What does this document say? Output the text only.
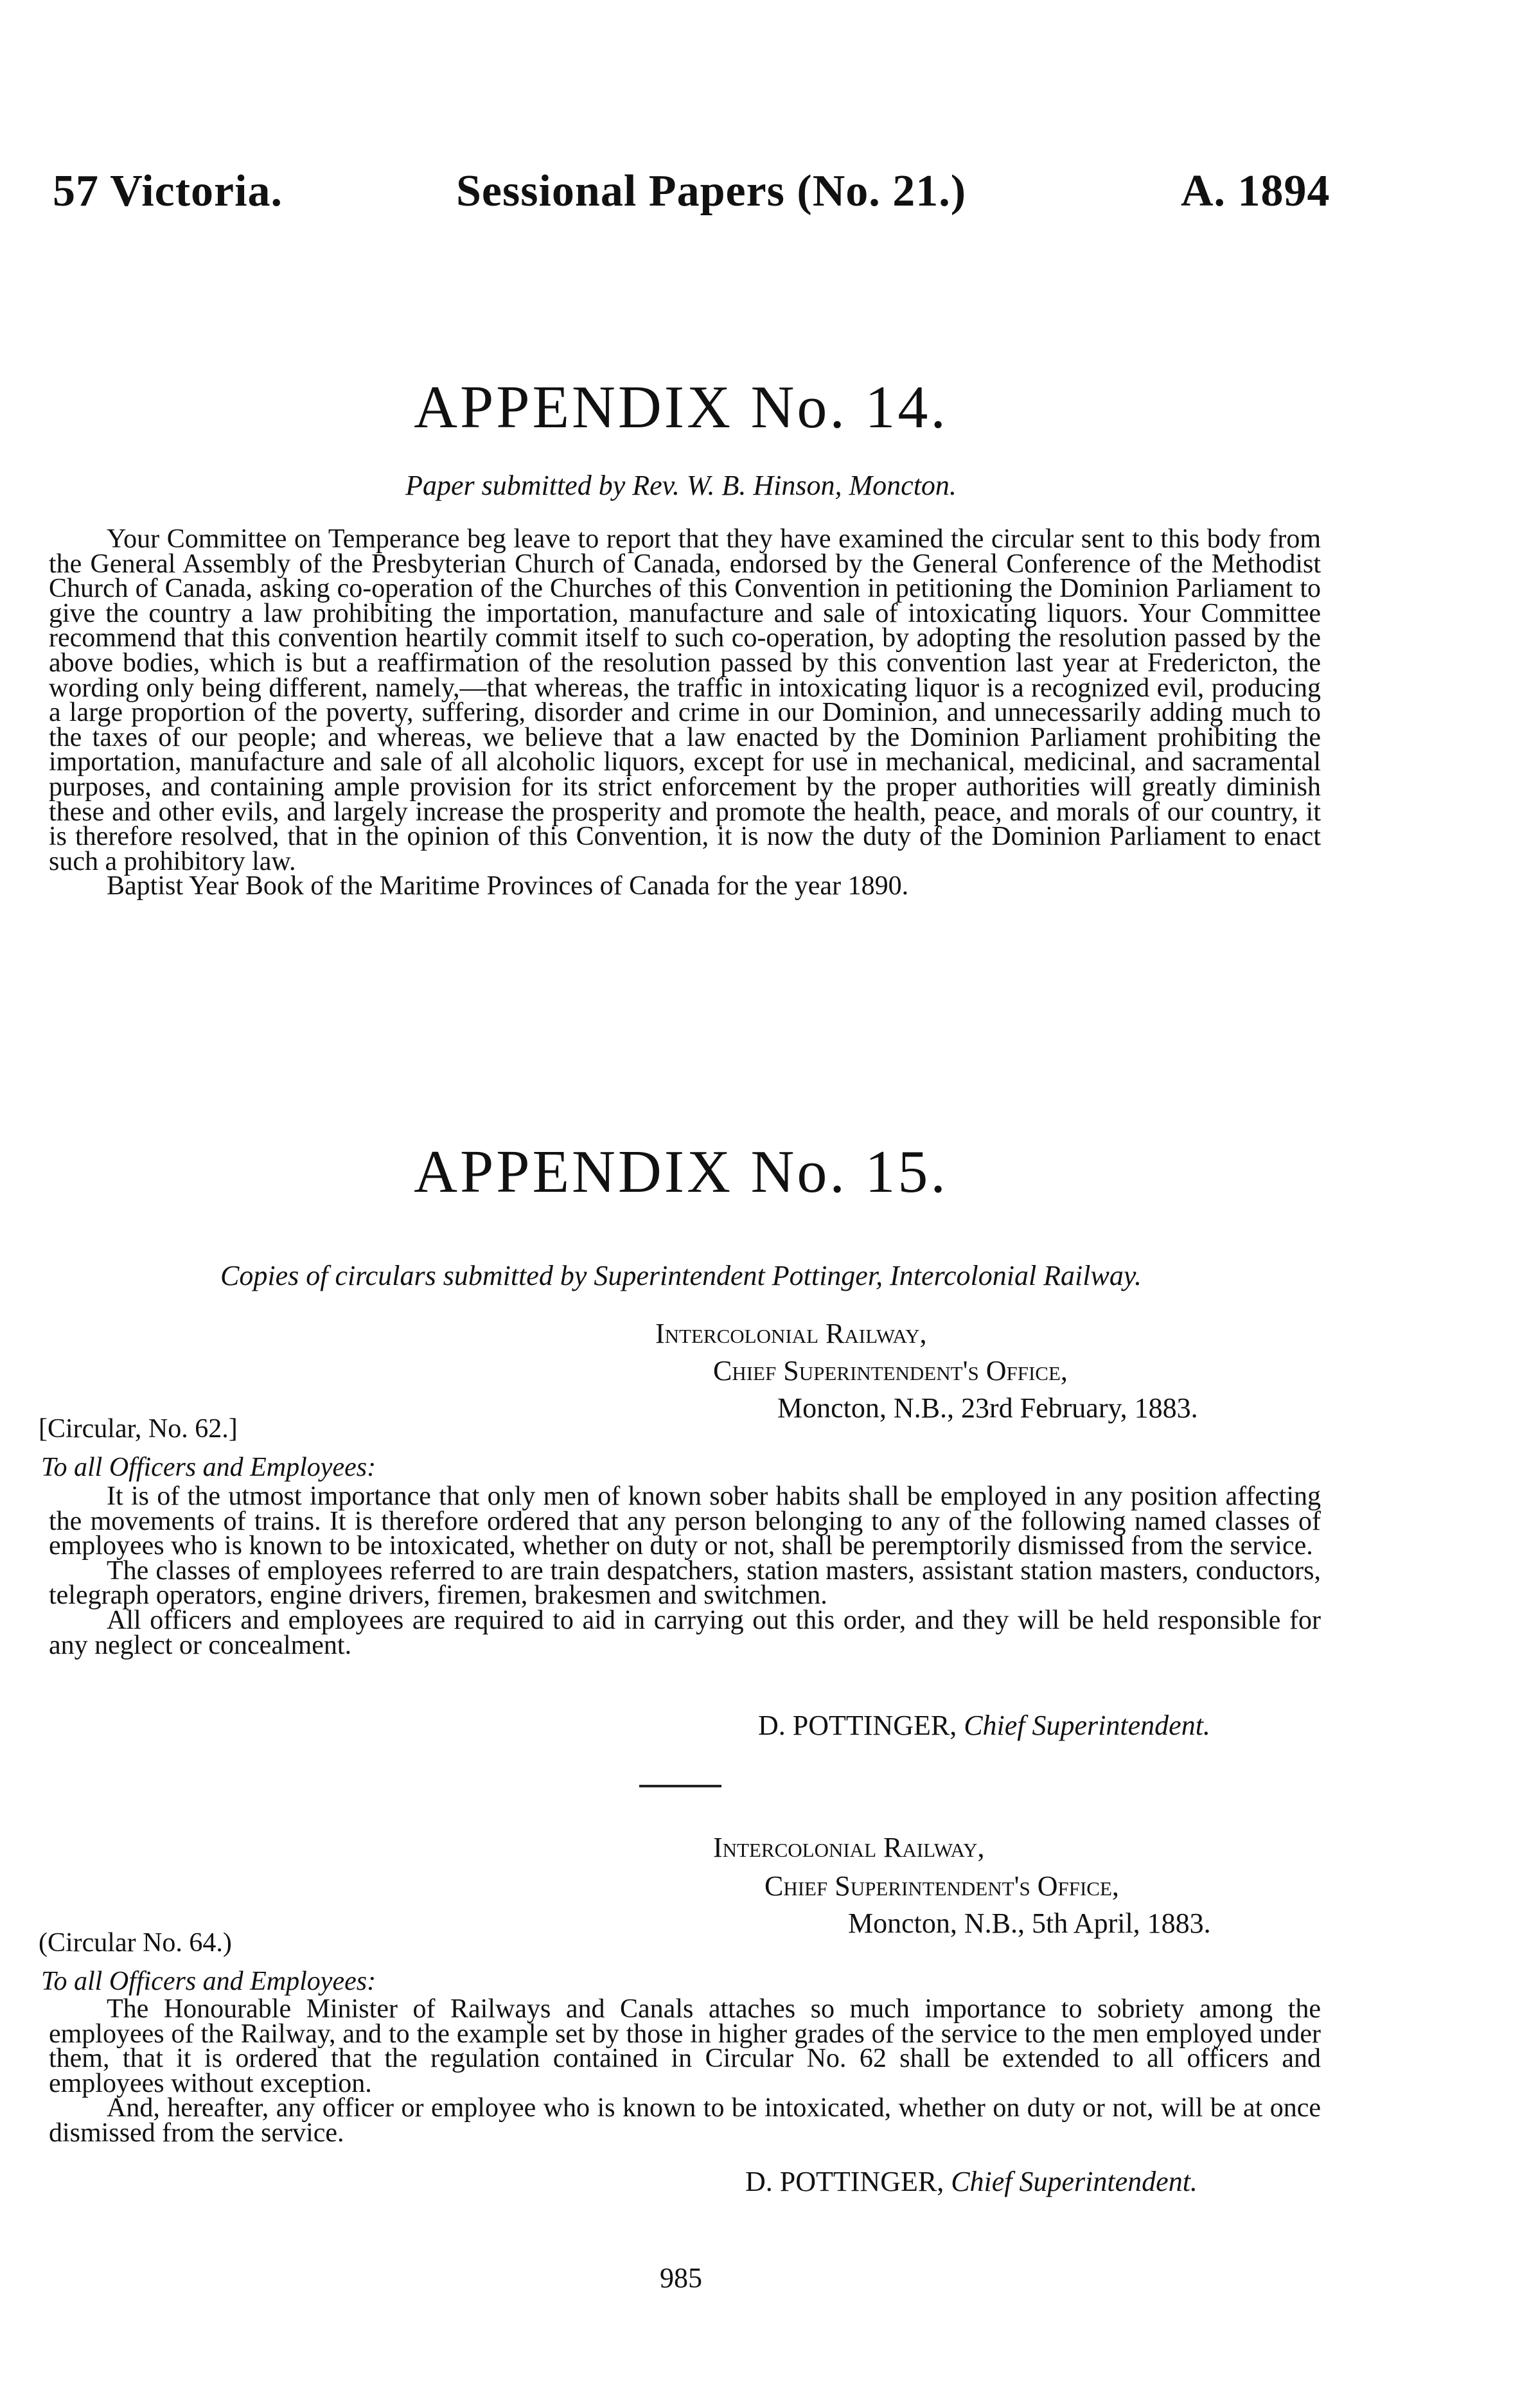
57 Victoria.	Sessional Papers (No. 21.)	A. 1894
APPENDIX No. 14.
Paper submitted by Rev. W. B. Hinson, Moncton.

Your Committee on Temperance beg leave to report that they have examined the circular sent to this body from the General Assembly of the Presbyterian Church of Canada, endorsed by the General Conference of the Methodist Church of Canada, asking co-operation of the Churches of this Convention in petitioning the Dominion Parliament to give the country a law prohibiting the importation, manufacture and sale of intoxicating liquors. Your Committee recommend that this convention heartily commit itself to such co-operation, by adopting the resolution passed by the above bodies, which is but a reaffirmation of the resolution passed by this convention last year at Fredericton, the wording only being different, namely,—that whereas, the traffic in intoxicating liquor is a recognized evil, producing a large proportion of the poverty, suffering, disorder and crime in our Dominion, and unnecessarily adding much to the taxes of our people; and whereas, we believe that a law enacted by the Dominion Parliament prohibiting the importation, manufacture and sale of all alcoholic liquors, except for use in mechanical, medicinal, and sacramental purposes, and containing ample provision for its strict enforcement by the proper authorities will greatly diminish these and other evils, and largely increase the prosperity and promote the health, peace, and morals of our country, it is therefore resolved, that in the opinion of this Convention, it is now the duty of the Dominion Parliament to enact such a prohibitory law.

Baptist Year Book of the Maritime Provinces of Canada for the year 1890.

APPENDIX No. 15.
Copies of circulars submitted by Superintendent Pottinger, Intercolonial Railway.
Intercolonial Railway,
Chief Superintendent's Office,
Moncton, N.B., 23rd February, 1883.
[Circular, No. 62.]
To all Officers and Employees:

It is of the utmost importance that only men of known sober habits shall be employed in any position affecting the movements of trains. It is therefore ordered that any person belonging to any of the following named classes of employees who is known to be intoxicated, whether on duty or not, shall be peremptorily dismissed from the service.

The classes of employees referred to are train despatchers, station masters, assistant station masters, conductors, telegraph operators, engine drivers, firemen, brakesmen and switchmen.

All officers and employees are required to aid in carrying out this order, and they will be held responsible for any neglect or concealment.

D. POTTINGER, Chief Superintendent.
Intercolonial Railway,
Chief Superintendent's Office,
Moncton, N.B., 5th April, 1883.
(Circular No. 64.)
To all Officers and Employees:

The Honourable Minister of Railways and Canals attaches so much importance to sobriety among the employees of the Railway, and to the example set by those in higher grades of the service to the men employed under them, that it is ordered that the regulation contained in Circular No. 62 shall be extended to all officers and employees without exception.

And, hereafter, any officer or employee who is known to be intoxicated, whether on duty or not, will be at once dismissed from the service.

D. POTTINGER, Chief Superintendent.
985
